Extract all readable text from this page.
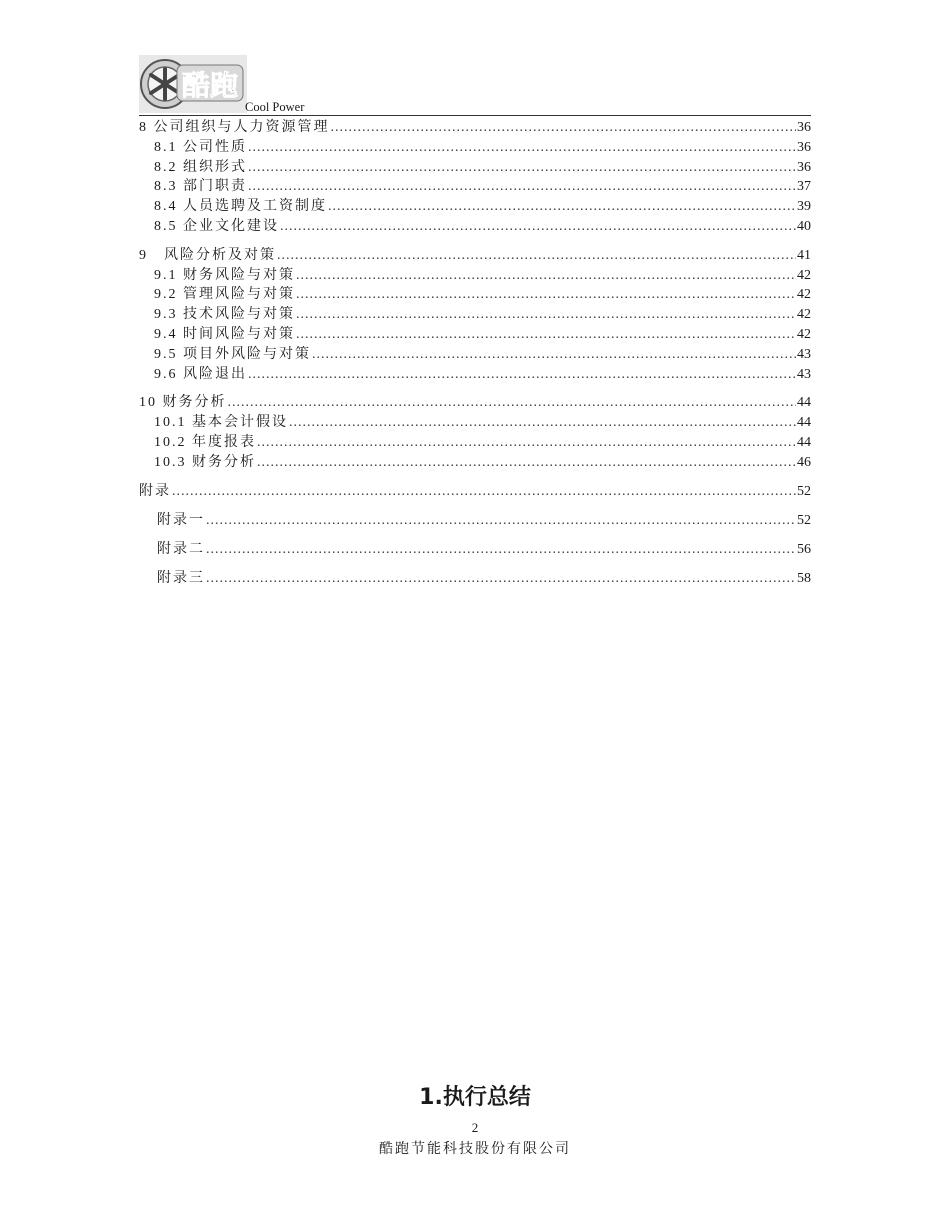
酷跑
Cool Power
8 公司组织与人力资源管理 .....	36
8.1 公司性质 .....	36
8.2 组织形式 .....	36
8.3 部门职责 .....	37
8.4 人员选聘及工资制度 .....	39
8.5 企业文化建设 .....	40
9　风险分析及对策 .....	41
9.1 财务风险与对策 .....	42
9.2 管理风险与对策 .....	42
9.3 技术风险与对策 .....	42
9.4 时间风险与对策 .....	42
9.5 项目外风险与对策 .....	43
9.6 风险退出 .....	43
10 财务分析 .....	44
10.1 基本会计假设 .....	44
10.2 年度报表 .....	44
10.3 财务分析 .....	46
附录 .....	52
附录一 .....	52
附录二 .....	56
附录三 .....	58
1.执行总结
2
酷跑节能科技股份有限公司
